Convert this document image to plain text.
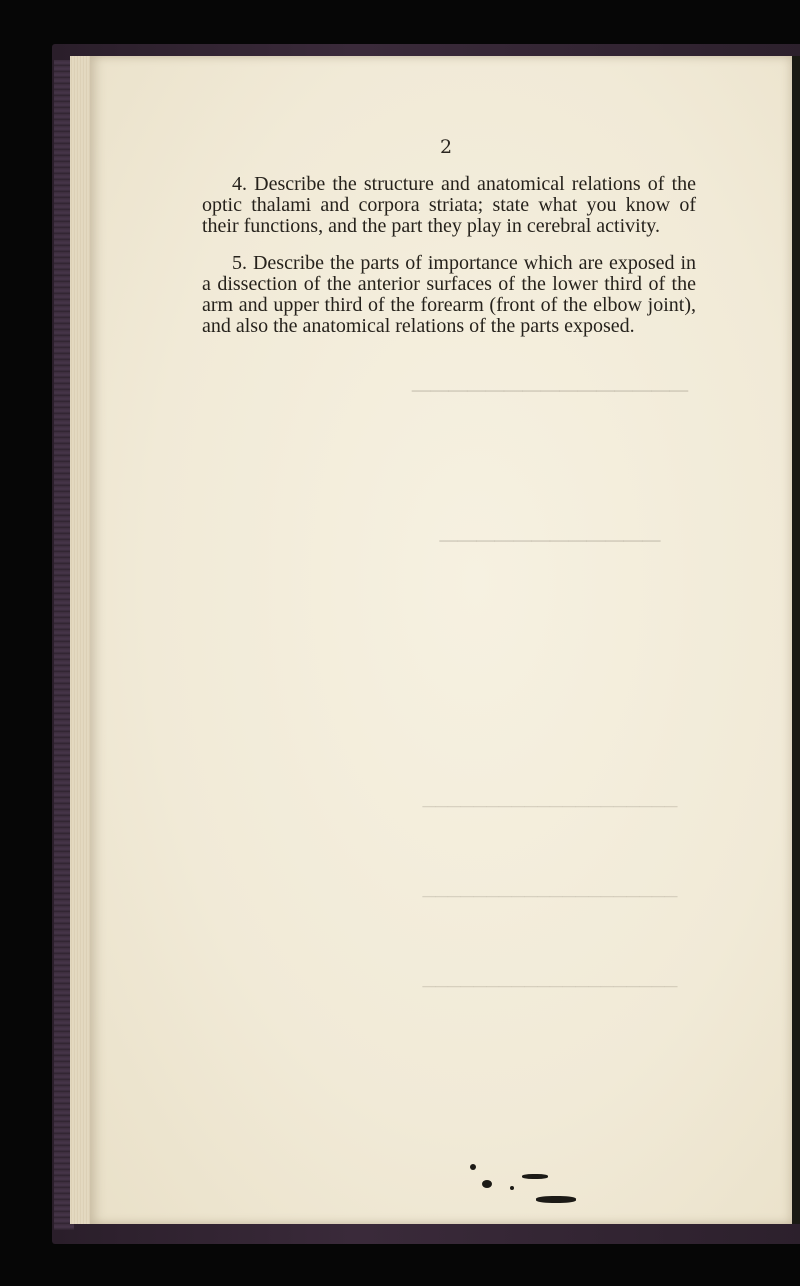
───────────────
────────────
────────────────────
────────────────────
────────────────────
2

4. Describe the structure and anatomical relations of the optic thalami and corpora striata; state what you know of their functions, and the part they play in cerebral activity.

5. Describe the parts of importance which are exposed in a dissection of the anterior surfaces of the lower third of the arm and upper third of the forearm (front of the elbow joint), and also the anatomical relations of the parts exposed.
